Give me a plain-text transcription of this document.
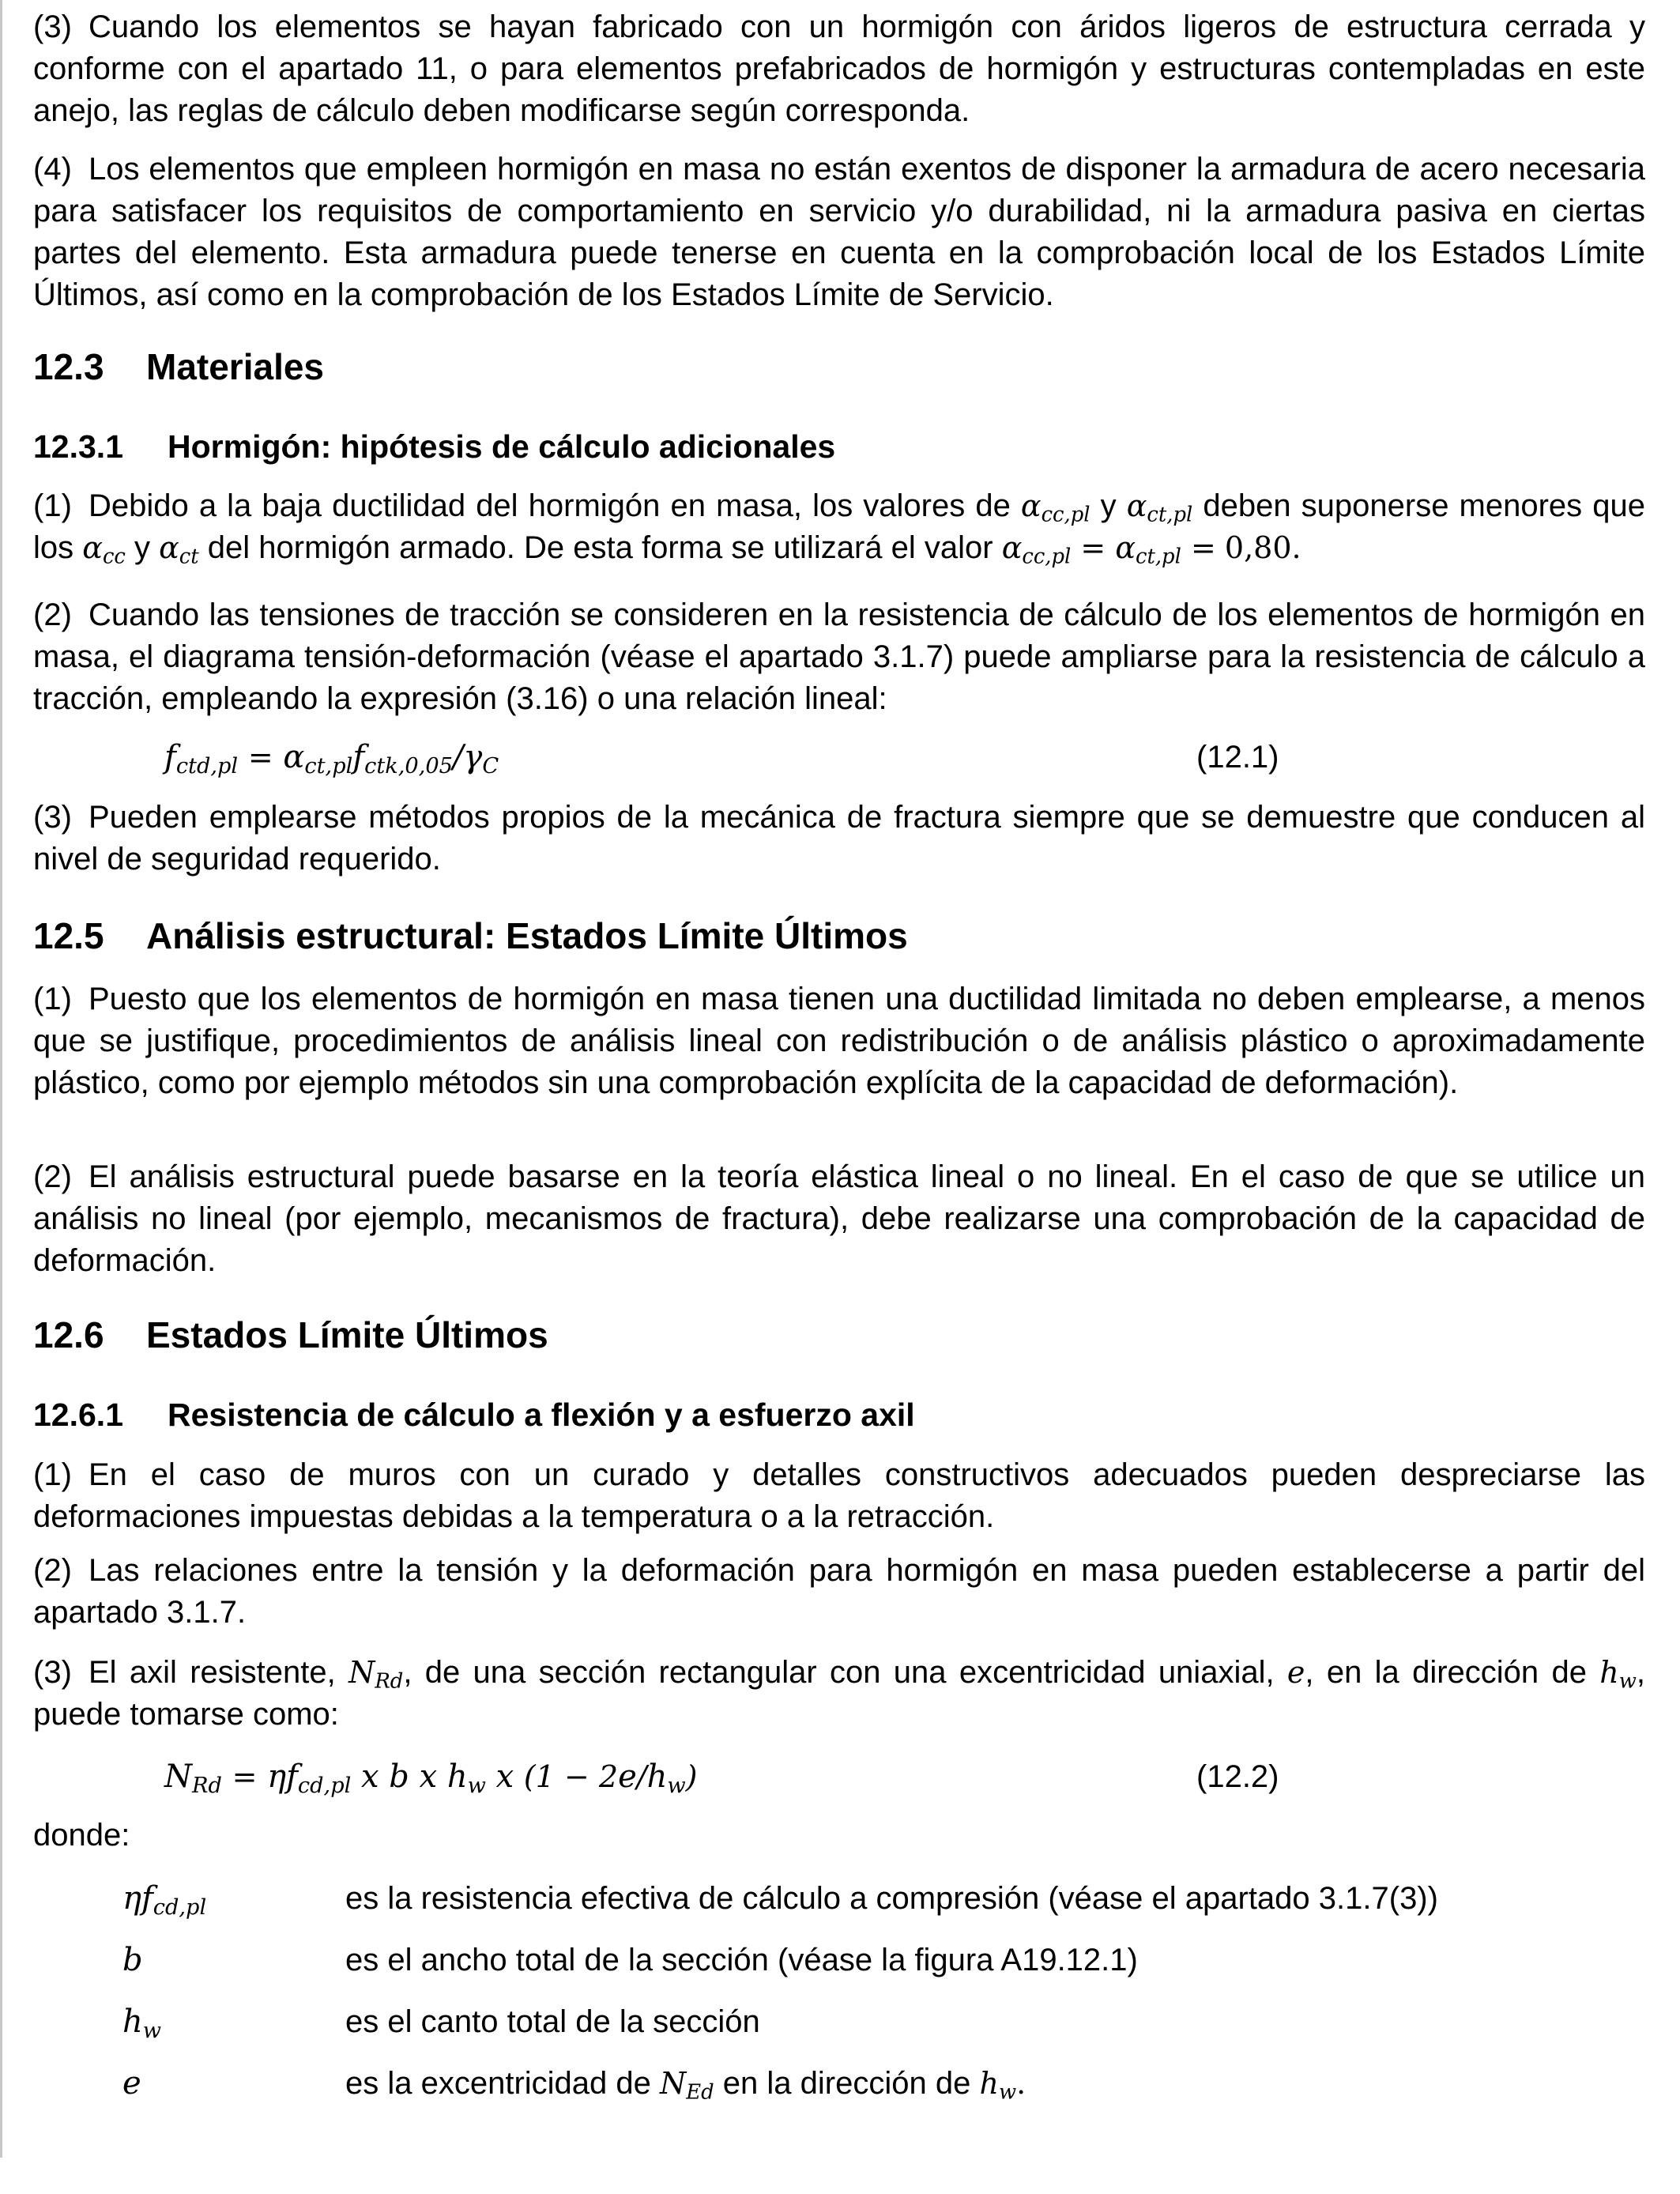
(3) Cuando los elementos se hayan fabricado con un hormigón con áridos ligeros de estructura cerrada y conforme con el apartado 11, o para elementos prefabricados de hormigón y estructuras contempladas en este anejo, las reglas de cálculo deben modificarse según corresponda.

(4) Los elementos que empleen hormigón en masa no están exentos de disponer la armadura de acero necesaria para satisfacer los requisitos de comportamiento en servicio y/o durabilidad, ni la armadura pasiva en ciertas partes del elemento. Esta armadura puede tenerse en cuenta en la comprobación local de los Estados Límite Últimos, así como en la comprobación de los Estados Límite de Servicio.

12.3 Materiales
12.3.1 Hormigón: hipótesis de cálculo adicionales

(1) Debido a la baja ductilidad del hormigón en masa, los valores de $\alpha_{cc,pl}$ y $\alpha_{ct,pl}$ deben suponerse menores que los $\alpha_{cc}$ y $\alpha_{ct}$ del hormigón armado. De esta forma se utilizará el valor $\alpha_{cc,pl} = \alpha_{ct,pl} = 0,80$.

(2) Cuando las tensiones de tracción se consideren en la resistencia de cálculo de los elementos de hormigón en masa, el diagrama tensión-deformación (véase el apartado 3.1.7) puede ampliarse para la resistencia de cálculo a tracción, empleando la expresión (3.16) o una relación lineal:

$f_{ctd,pl} = \alpha_{ct,pl}f_{ctk,0,05}/\gamma_C$	(12.1)

(3) Pueden emplearse métodos propios de la mecánica de fractura siempre que se demuestre que conducen al nivel de seguridad requerido.

12.5 Análisis estructural: Estados Límite Últimos

(1) Puesto que los elementos de hormigón en masa tienen una ductilidad limitada no deben emplearse, a menos que se justifique, procedimientos de análisis lineal con redistribución o de análisis plástico o aproximadamente plástico, como por ejemplo métodos sin una comprobación explícita de la capacidad de deformación).

(2) El análisis estructural puede basarse en la teoría elástica lineal o no lineal. En el caso de que se utilice un análisis no lineal (por ejemplo, mecanismos de fractura), debe realizarse una comprobación de la capacidad de deformación.

12.6 Estados Límite Últimos
12.6.1 Resistencia de cálculo a flexión y a esfuerzo axil

(1) En el caso de muros con un curado y detalles constructivos adecuados pueden despreciarse las deformaciones impuestas debidas a la temperatura o a la retracción.

(2) Las relaciones entre la tensión y la deformación para hormigón en masa pueden establecerse a partir del apartado 3.1.7.

(3) El axil resistente, $N_{Rd}$, de una sección rectangular con una excentricidad uniaxial, e, en la dirección de $h_w$, puede tomarse como:

$N_{Rd} = \eta f_{cd,pl}$ x b x $h_w$ x $(1 - 2e/h_w)$	(12.2)

donde:

$\eta f_{cd,pl}$	es la resistencia efectiva de cálculo a compresión (véase el apartado 3.1.7(3))
b	es el ancho total de la sección (véase la figura A19.12.1)
$h_w$	es el canto total de la sección
e	es la excentricidad de $N_{Ed}$ en la dirección de $h_w$.
